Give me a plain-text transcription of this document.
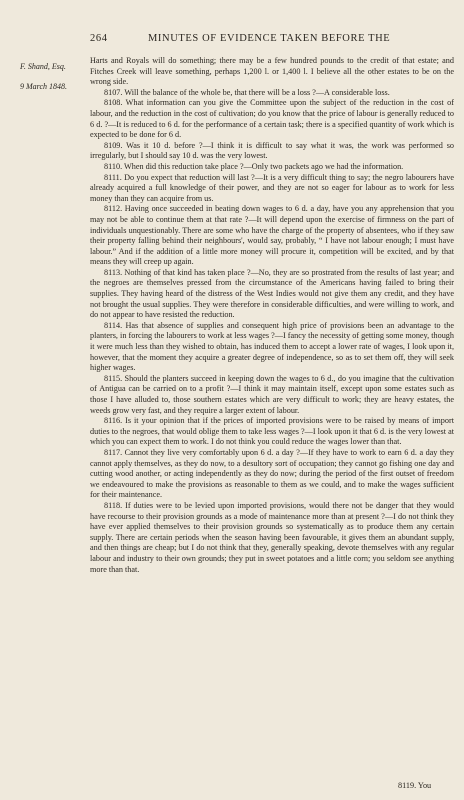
264	MINUTES OF EVIDENCE TAKEN BEFORE THE
F. Shand, Esq.
9 March 1848.

Harts and Royals will do something; there may be a few hundred pounds to the credit of that estate; and Fitches Creek will leave something, perhaps 1,200 l. or 1,400 l. I believe all the other estates to be on the wrong side.

8107. Will the balance of the whole be, that there will be a loss ?—A considerable loss.

8108. What information can you give the Committee upon the subject of the reduction in the cost of labour, and the reduction in the cost of cultivation; do you know that the price of labour is generally reduced to 6 d. ?—It is reduced to 6 d. for the performance of a certain task; there is a specified quantity of work which is expected to be done for 6 d.

8109. Was it 10 d. before ?—I think it is difficult to say what it was, the work was performed so irregularly, but I should say 10 d. was the very lowest.

8110. When did this reduction take place ?—Only two packets ago we had the information.

8111. Do you expect that reduction will last ?—It is a very difficult thing to say; the negro labourers have already acquired a full knowledge of their power, and they are not so eager for labour as to work for less money than they can acquire from us.

8112. Having once succeeded in beating down wages to 6 d. a day, have you any apprehension that you may not be able to continue them at that rate ?—It will depend upon the exercise of firmness on the part of individuals unquestionably. There are some who have the charge of the property of absentees, who if they saw their property falling behind their neighbours', would say, probably, “ I have not labour enough; I must have labour.” And if the addition of a little more money will procure it, competition will be excited, and by that means they will creep up again.

8113. Nothing of that kind has taken place ?—No, they are so prostrated from the results of last year; and the negroes are themselves pressed from the circumstance of the Americans having failed to bring their supplies. They having heard of the distress of the West Indies would not give them any credit, and they have not brought the usual supplies. They were therefore in considerable difficulties, and were willing to work, and do not appear to have resisted the reduction.

8114. Has that absence of supplies and consequent high price of provisions been an advantage to the planters, in forcing the labourers to work at less wages ?—I fancy the necessity of getting some money, though it were much less than they wished to obtain, has induced them to accept a lower rate of wages, I look upon it, however, that the moment they acquire a greater degree of independence, so as to set them off, they will seek higher wages.

8115. Should the planters succeed in keeping down the wages to 6 d., do you imagine that the cultivation of Antigua can be carried on to a profit ?—I think it may maintain itself, except upon some estates such as those I have alluded to, those southern estates which are very difficult to work; they are heavy estates, the weeds grow very fast, and they require a larger extent of labour.

8116. Is it your opinion that if the prices of imported provisions were to be raised by means of import duties to the negroes, that would oblige them to take less wages ?—I look upon it that 6 d. is the very lowest at which you can expect them to work. I do not think you could reduce the wages lower than that.

8117. Cannot they live very comfortably upon 6 d. a day ?—If they have to work to earn 6 d. a day they cannot apply themselves, as they do now, to a desultory sort of occupation; they cannot go fishing one day and cutting wood another, or acting independently as they do now; during the period of the first outset of freedom we endeavoured to make the provisions as reasonable to them as we could, and to make the wages sufficient for their maintenance.

8118. If duties were to be levied upon imported provisions, would there not be danger that they would have recourse to their provision grounds as a mode of maintenance more than at present ?—I do not think they have ever applied themselves to their provision grounds so systematically as to produce them any certain supply. There are certain periods when the season having been favourable, it gives them an abundant supply, and then things are cheap; but I do not think that they, generally speaking, devote themselves with any regular labour and industry to their own grounds; they put in sweet potatoes and a little corn; you seldom see anything more than that.

8119. You
